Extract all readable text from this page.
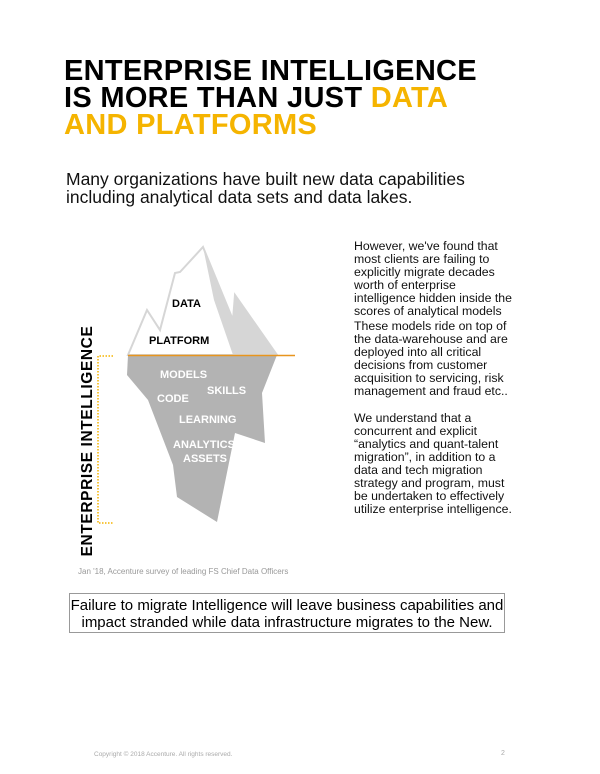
ENTERPRISE INTELLIGENCE
IS MORE THAN JUST DATA
AND PLATFORMS
Many organizations have built new data capabilities
including analytical data sets and data lakes.
DATA
PLATFORM
MODELS
SKILLS
CODE
LEARNING
ANALYTICS
ASSETS
ENTERPRISE INTELLIGENCE
However, we've found that
most clients are failing to
explicitly migrate decades
worth of enterprise
intelligence hidden inside the
scores of analytical models
These models ride on top of
the data-warehouse and are
deployed into all critical
decisions from customer
acquisition to servicing, risk
management and fraud etc..
We understand that a
concurrent and explicit
“analytics and quant-talent
migration”, in addition to a
data and tech migration
strategy and program, must
be undertaken to effectively
utilize enterprise intelligence.
Jan '18, Accenture survey of leading FS Chief Data Officers
Failure to migrate Intelligence will leave business capabilities and
impact stranded while data infrastructure migrates to the New.
Copyright © 2018 Accenture. All rights reserved.	2
